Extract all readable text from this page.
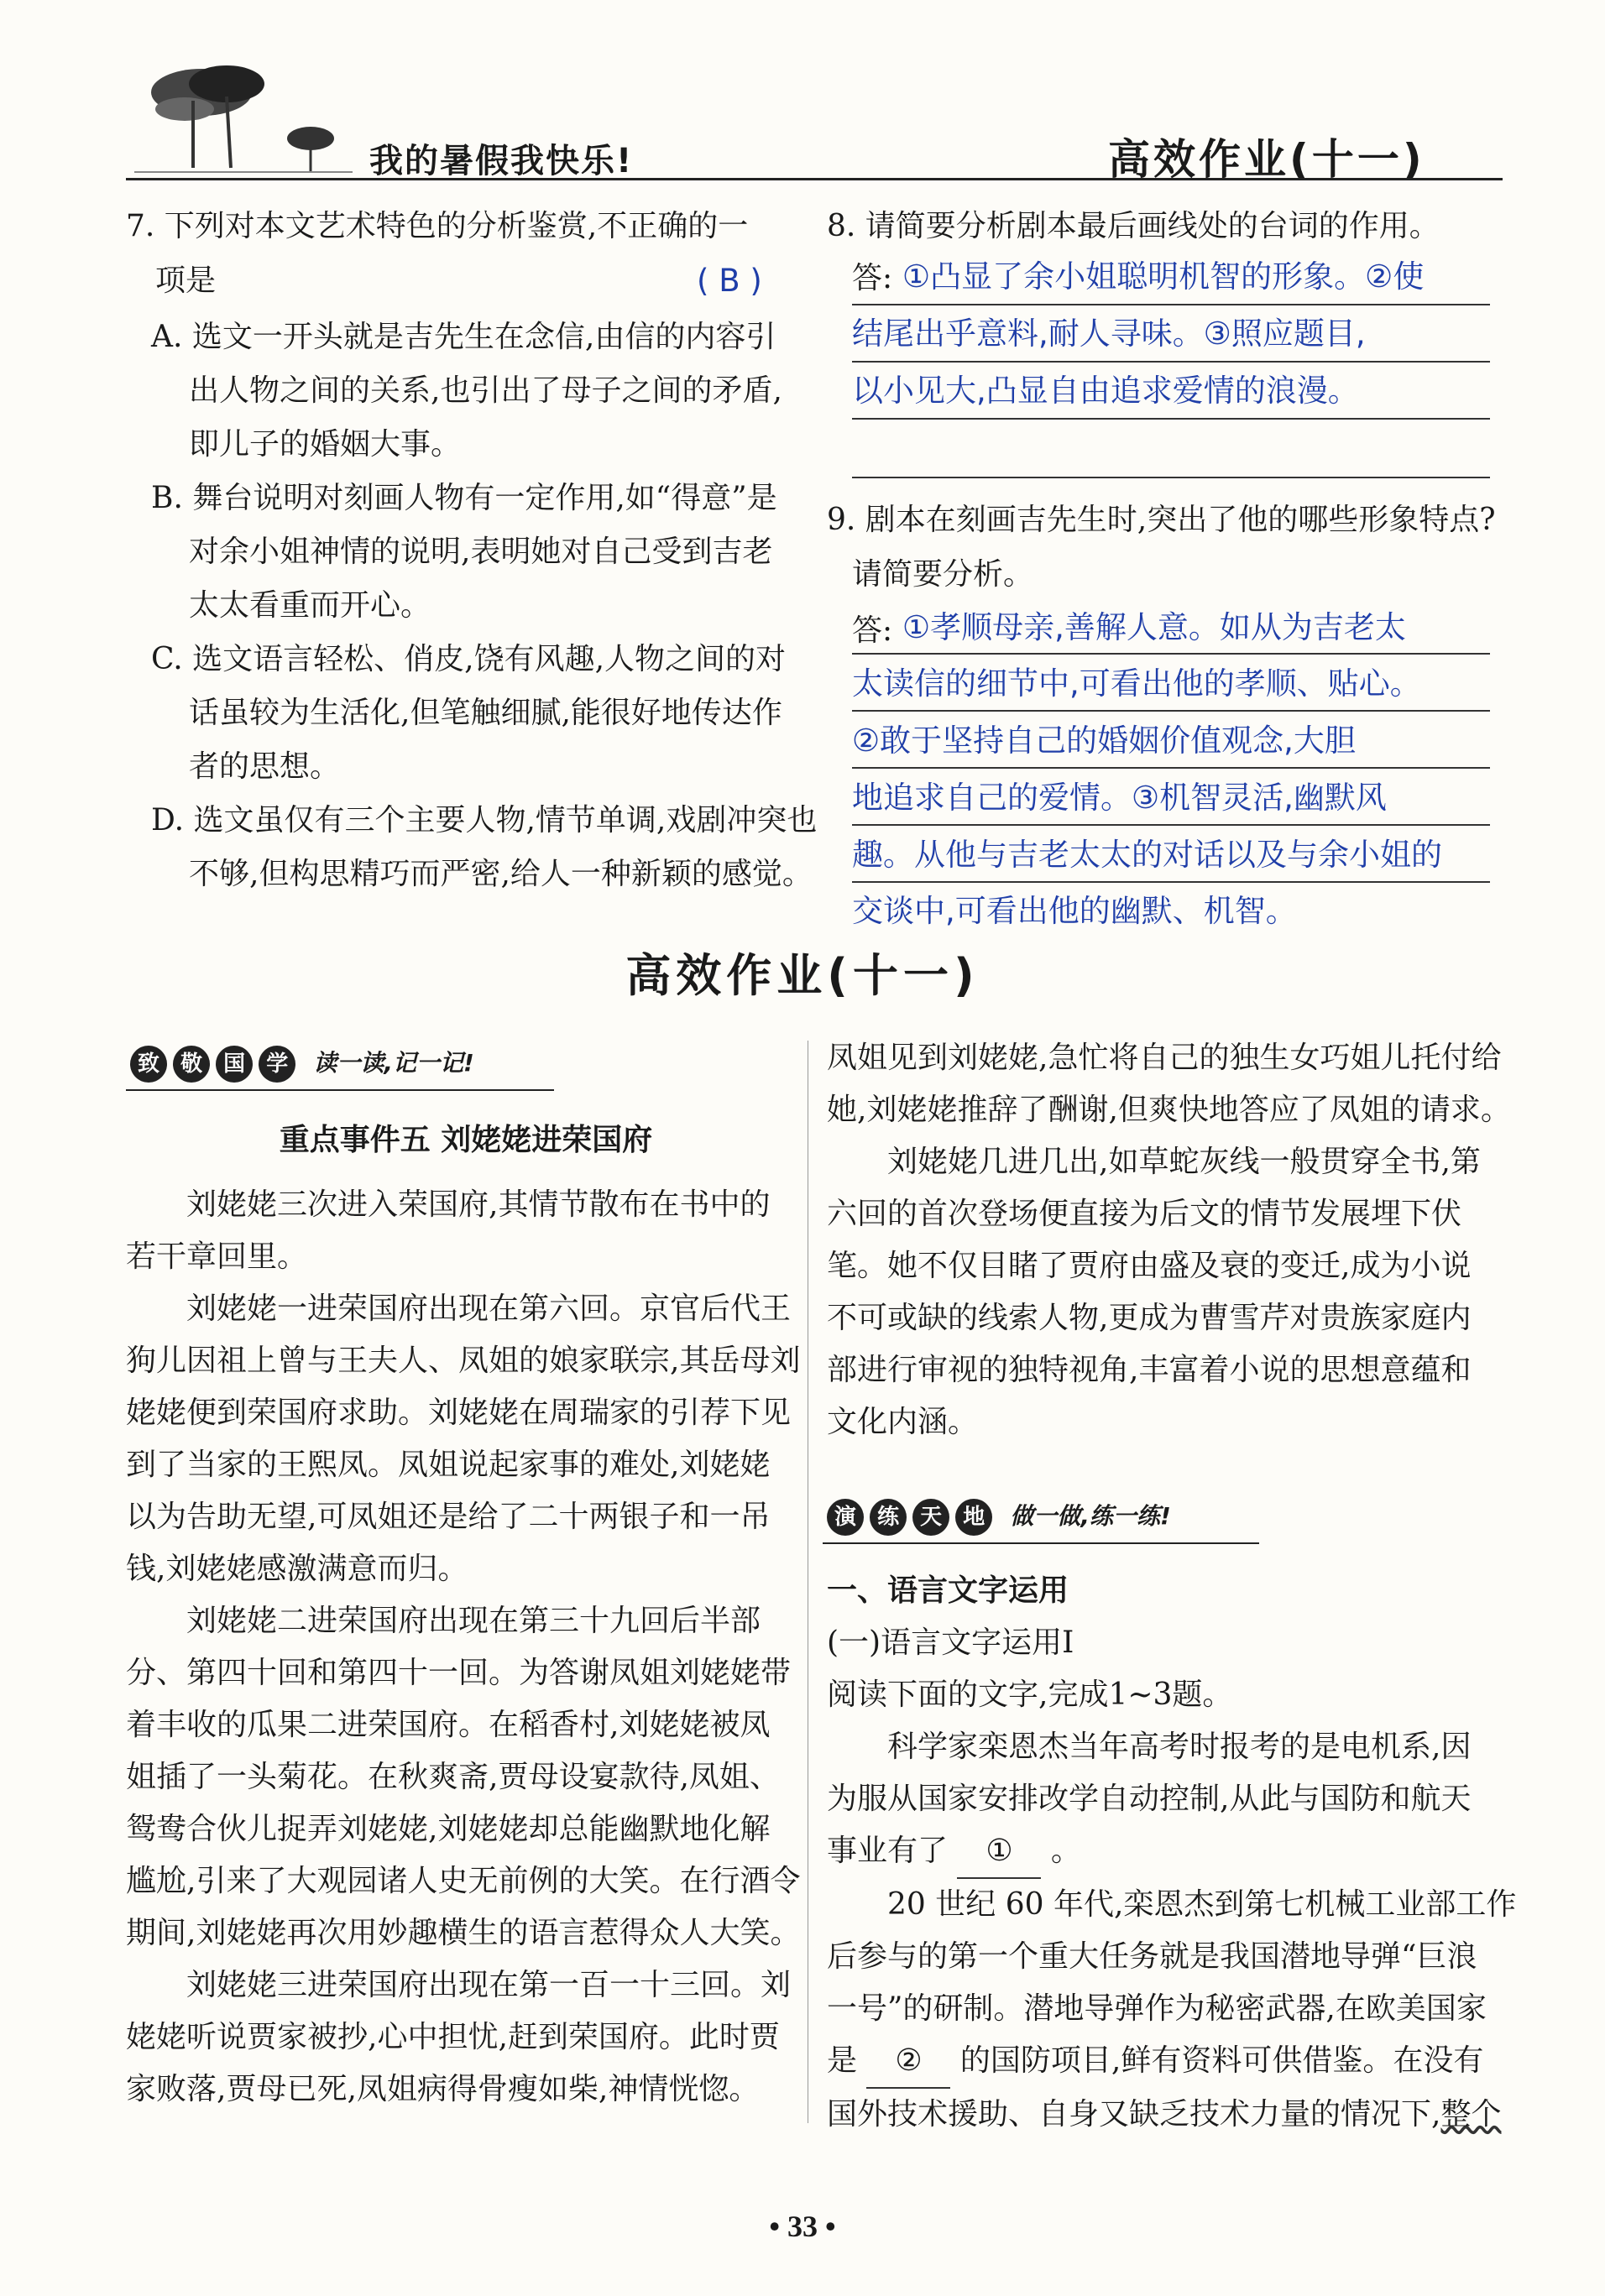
我的暑假我快乐!	高效作业(十一)
7. 下列对本文艺术特色的分析鉴赏,不正确的一
项是	( B )
A. 选文一开头就是吉先生在念信,由信的内容引
出人物之间的关系,也引出了母子之间的矛盾,
即儿子的婚姻大事。
B. 舞台说明对刻画人物有一定作用,如“得意”是
对余小姐神情的说明,表明她对自己受到吉老
太太看重而开心。
C. 选文语言轻松、俏皮,饶有风趣,人物之间的对
话虽较为生活化,但笔触细腻,能很好地传达作
者的思想。
D. 选文虽仅有三个主要人物,情节单调,戏剧冲突也
不够,但构思精巧而严密,给人一种新颖的感觉。
8. 请简要分析剧本最后画线处的台词的作用。
答: ①凸显了余小姐聪明机智的形象。②使
结尾出乎意料,耐人寻味。③照应题目,
以小见大,凸显自由追求爱情的浪漫。
9. 剧本在刻画吉先生时,突出了他的哪些形象特点?
请简要分析。
答: ①孝顺母亲,善解人意。如从为吉老太
太读信的细节中,可看出他的孝顺、贴心。
②敢于坚持自己的婚姻价值观念,大胆
地追求自己的爱情。③机智灵活,幽默风
趣。从他与吉老太太的对话以及与余小姐的
交谈中,可看出他的幽默、机智。
高效作业(十一)
致 敬 国 学 读一读,记一记!
重点事件五 刘姥姥进荣国府
刘姥姥三次进入荣国府,其情节散布在书中的
若干章回里。
刘姥姥一进荣国府出现在第六回。京官后代王
狗儿因祖上曾与王夫人、凤姐的娘家联宗,其岳母刘
姥姥便到荣国府求助。刘姥姥在周瑞家的引荐下见
到了当家的王熙凤。凤姐说起家事的难处,刘姥姥
以为告助无望,可凤姐还是给了二十两银子和一吊
钱,刘姥姥感激满意而归。
刘姥姥二进荣国府出现在第三十九回后半部
分、第四十回和第四十一回。为答谢凤姐刘姥姥带
着丰收的瓜果二进荣国府。在稻香村,刘姥姥被凤
姐插了一头菊花。在秋爽斋,贾母设宴款待,凤姐、
鸳鸯合伙儿捉弄刘姥姥,刘姥姥却总能幽默地化解
尴尬,引来了大观园诸人史无前例的大笑。在行酒令
期间,刘姥姥再次用妙趣横生的语言惹得众人大笑。
刘姥姥三进荣国府出现在第一百一十三回。刘
姥姥听说贾家被抄,心中担忧,赶到荣国府。此时贾
家败落,贾母已死,凤姐病得骨瘦如柴,神情恍惚。
凤姐见到刘姥姥,急忙将自己的独生女巧姐儿托付给
她,刘姥姥推辞了酬谢,但爽快地答应了凤姐的请求。
刘姥姥几进几出,如草蛇灰线一般贯穿全书,第
六回的首次登场便直接为后文的情节发展埋下伏
笔。她不仅目睹了贾府由盛及衰的变迁,成为小说
不可或缺的线索人物,更成为曹雪芹对贵族家庭内
部进行审视的独特视角,丰富着小说的思想意蕴和
文化内涵。
演 练 天 地 做一做,练一练!
一、语言文字运用
(一)语言文字运用Ⅰ
阅读下面的文字,完成1~3题。
科学家栾恩杰当年高考时报考的是电机系,因
为服从国家安排改学自动控制,从此与国防和航天
事业有了 ① 。
20 世纪 60 年代,栾恩杰到第七机械工业部工作
后参与的第一个重大任务就是我国潜地导弹“巨浪
一号”的研制。潜地导弹作为秘密武器,在欧美国家
是 ② 的国防项目,鲜有资料可供借鉴。在没有
国外技术援助、自身又缺乏技术力量的情况下,整个
• 33 •
